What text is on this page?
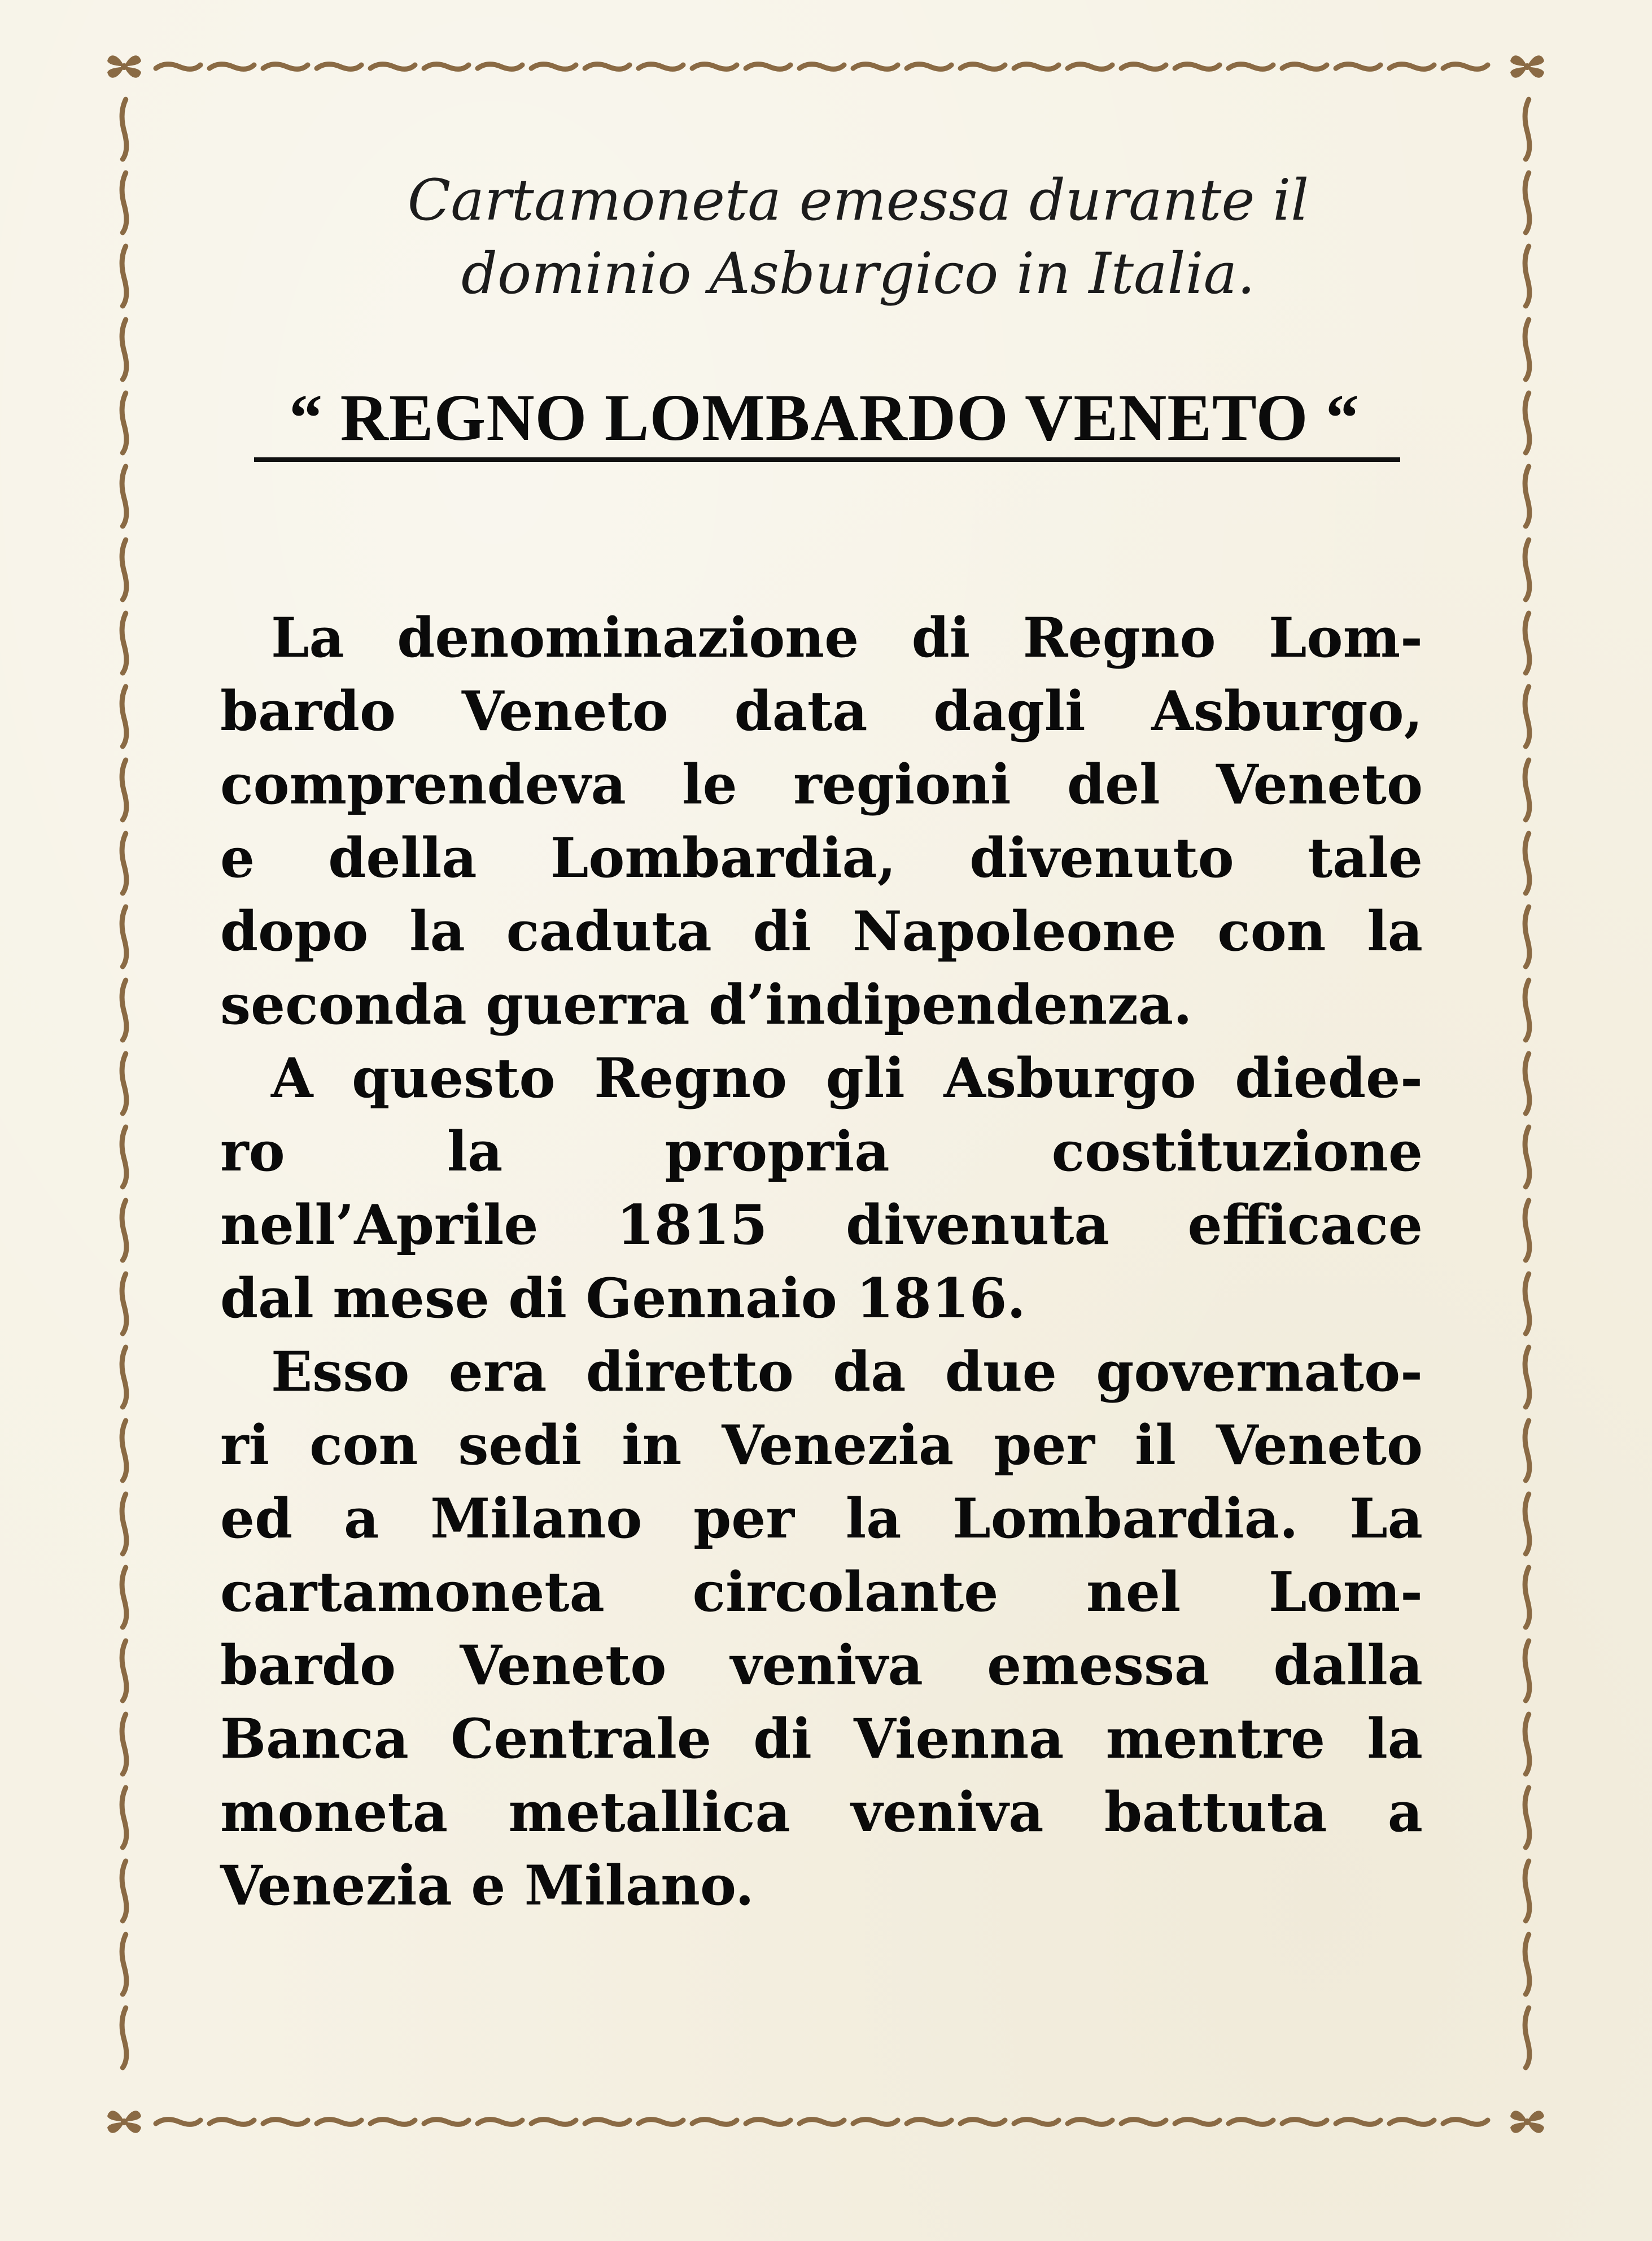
Cartamoneta emessa durante il
dominio Asburgico in Italia.
“ REGNO LOMBARDO VENETO “
La denominazione di Regno Lom-
bardo Veneto data dagli Asburgo,
comprendeva le regioni del Veneto
e della Lombardia, divenuto tale
dopo la caduta di Napoleone con la
seconda guerra d’indipendenza.
A questo Regno gli Asburgo diede-
ro la propria costituzione
nell’Aprile 1815 divenuta efficace
dal mese di Gennaio 1816.
Esso era diretto da due governato-
ri con sedi in Venezia per il Veneto
ed a Milano per la Lombardia. La
cartamoneta circolante nel Lom-
bardo Veneto veniva emessa dalla
Banca Centrale di Vienna mentre la
moneta metallica veniva battuta a
Venezia e Milano.
